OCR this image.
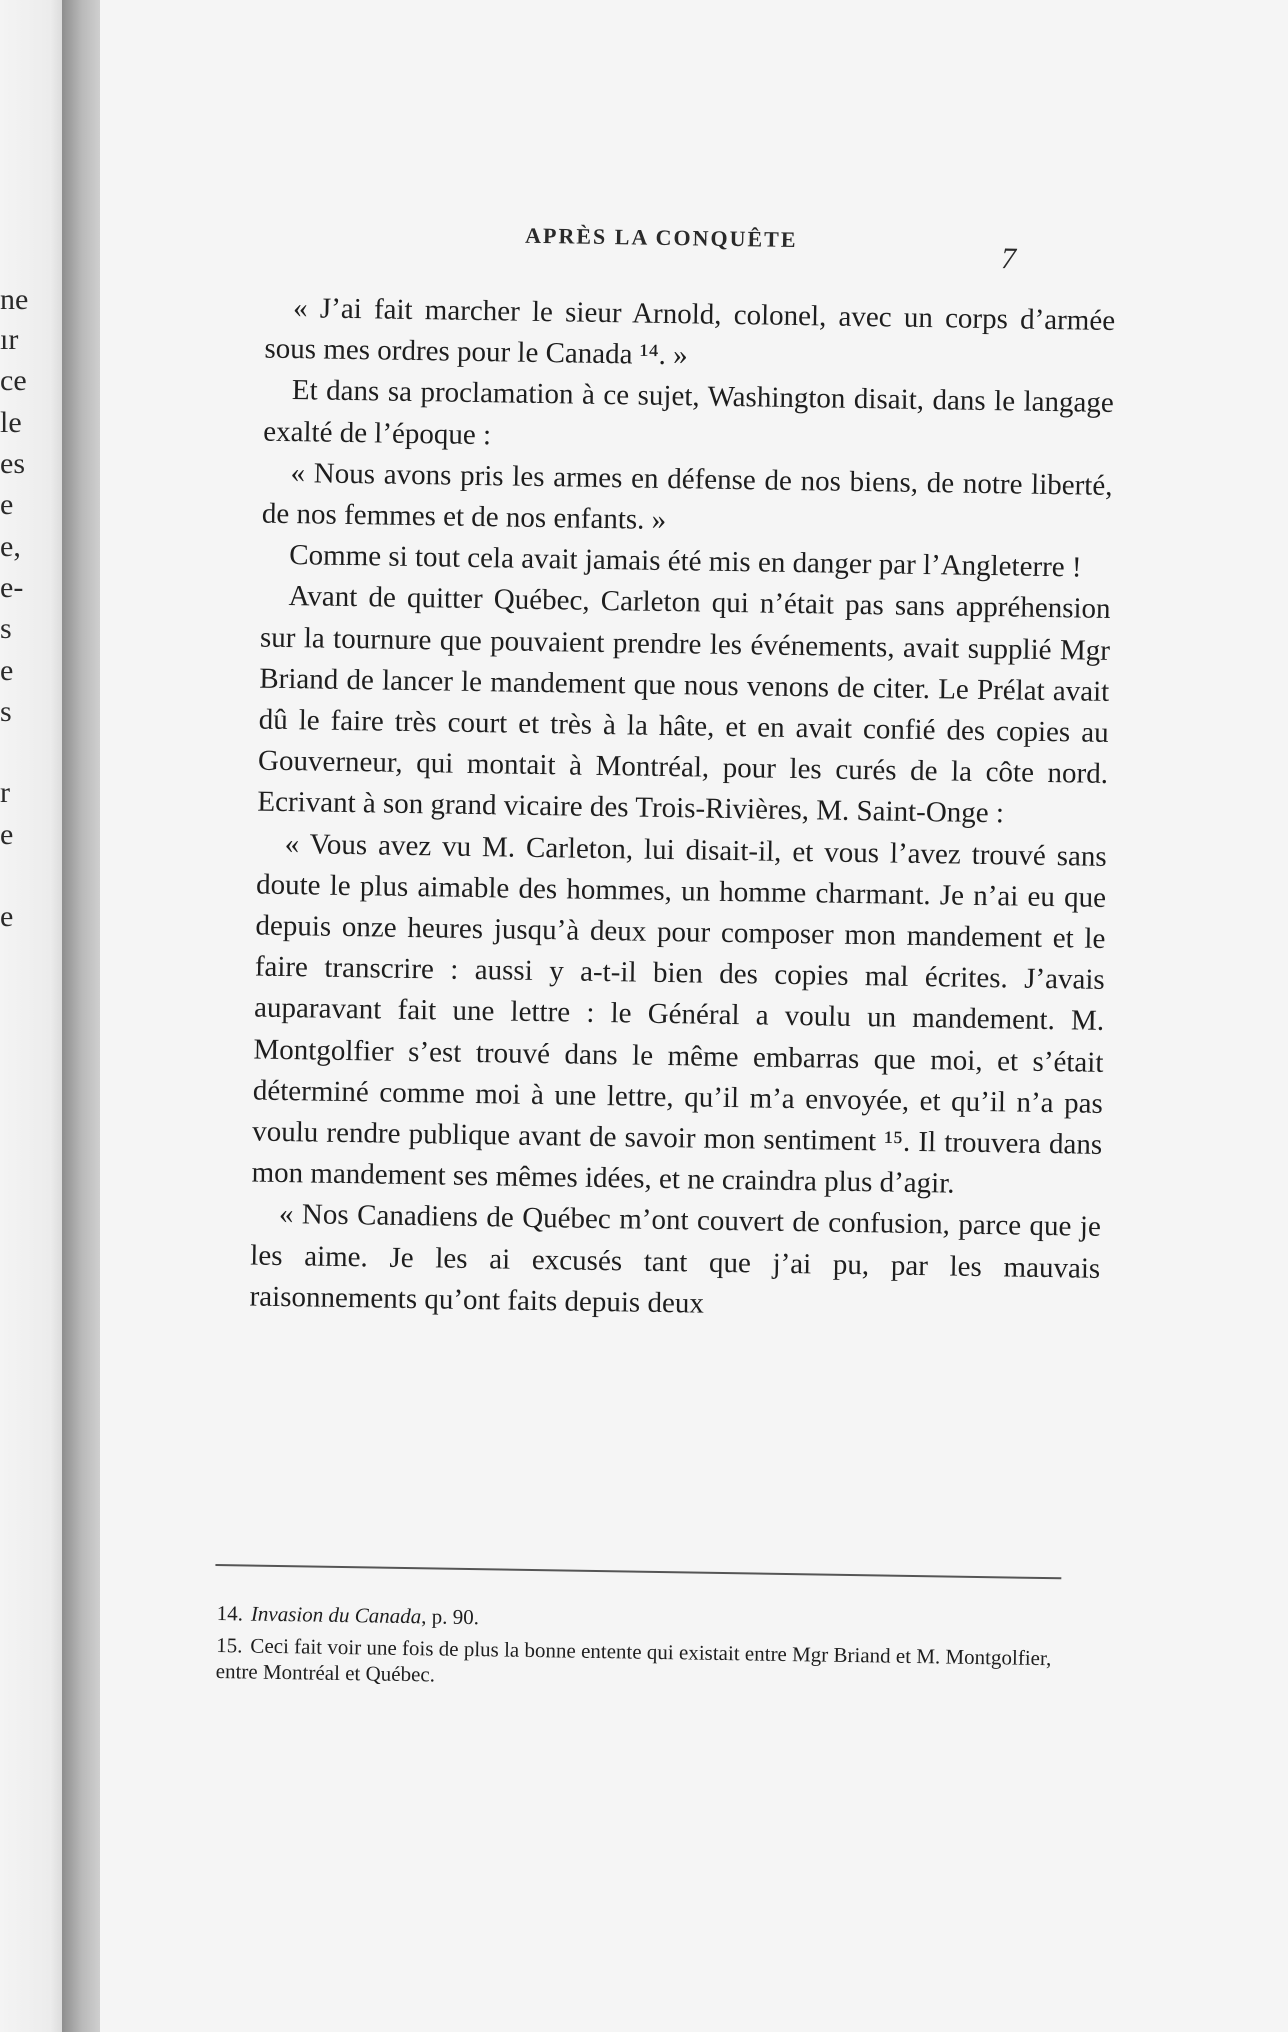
ne
ır
ce
le
es
e
e,
e-
s
e
s
r
e
e
APRÈS LA CONQUÊTE
7

« J’ai fait marcher le sieur Arnold, colonel, avec un corps d’armée sous mes ordres pour le Canada ¹⁴. »

Et dans sa proclamation à ce sujet, Washington disait, dans le langage exalté de l’époque :

« Nous avons pris les armes en défense de nos biens, de notre liberté, de nos femmes et de nos enfants. »

Comme si tout cela avait jamais été mis en danger par l’Angleterre !

Avant de quitter Québec, Carleton qui n’était pas sans appréhension sur la tournure que pouvaient prendre les événements, avait supplié Mgr Briand de lancer le mandement que nous venons de citer. Le Prélat avait dû le faire très court et très à la hâte, et en avait confié des copies au Gouverneur, qui montait à Montréal, pour les curés de la côte nord. Ecrivant à son grand vicaire des Trois-Rivières, M. Saint-Onge :

« Vous avez vu M. Carleton, lui disait-il, et vous l’avez trouvé sans doute le plus aimable des hommes, un homme charmant. Je n’ai eu que depuis onze heures jusqu’à deux pour composer mon mandement et le faire transcrire : aussi y a-t-il bien des copies mal écrites. J’avais auparavant fait une lettre : le Général a voulu un mandement. M. Montgolfier s’est trouvé dans le même embarras que moi, et s’était déterminé comme moi à une lettre, qu’il m’a envoyée, et qu’il n’a pas voulu rendre publique avant de savoir mon sentiment ¹⁵. Il trouvera dans mon mandement ses mêmes idées, et ne craindra plus d’agir.

« Nos Canadiens de Québec m’ont couvert de confusion, parce que je les aime. Je les ai excusés tant que j’ai pu, par les mauvais raisonnements qu’ont faits depuis deux

14. Invasion du Canada, p. 90.

15. Ceci fait voir une fois de plus la bonne entente qui existait entre Mgr Briand et M. Montgolfier, entre Montréal et Québec.
